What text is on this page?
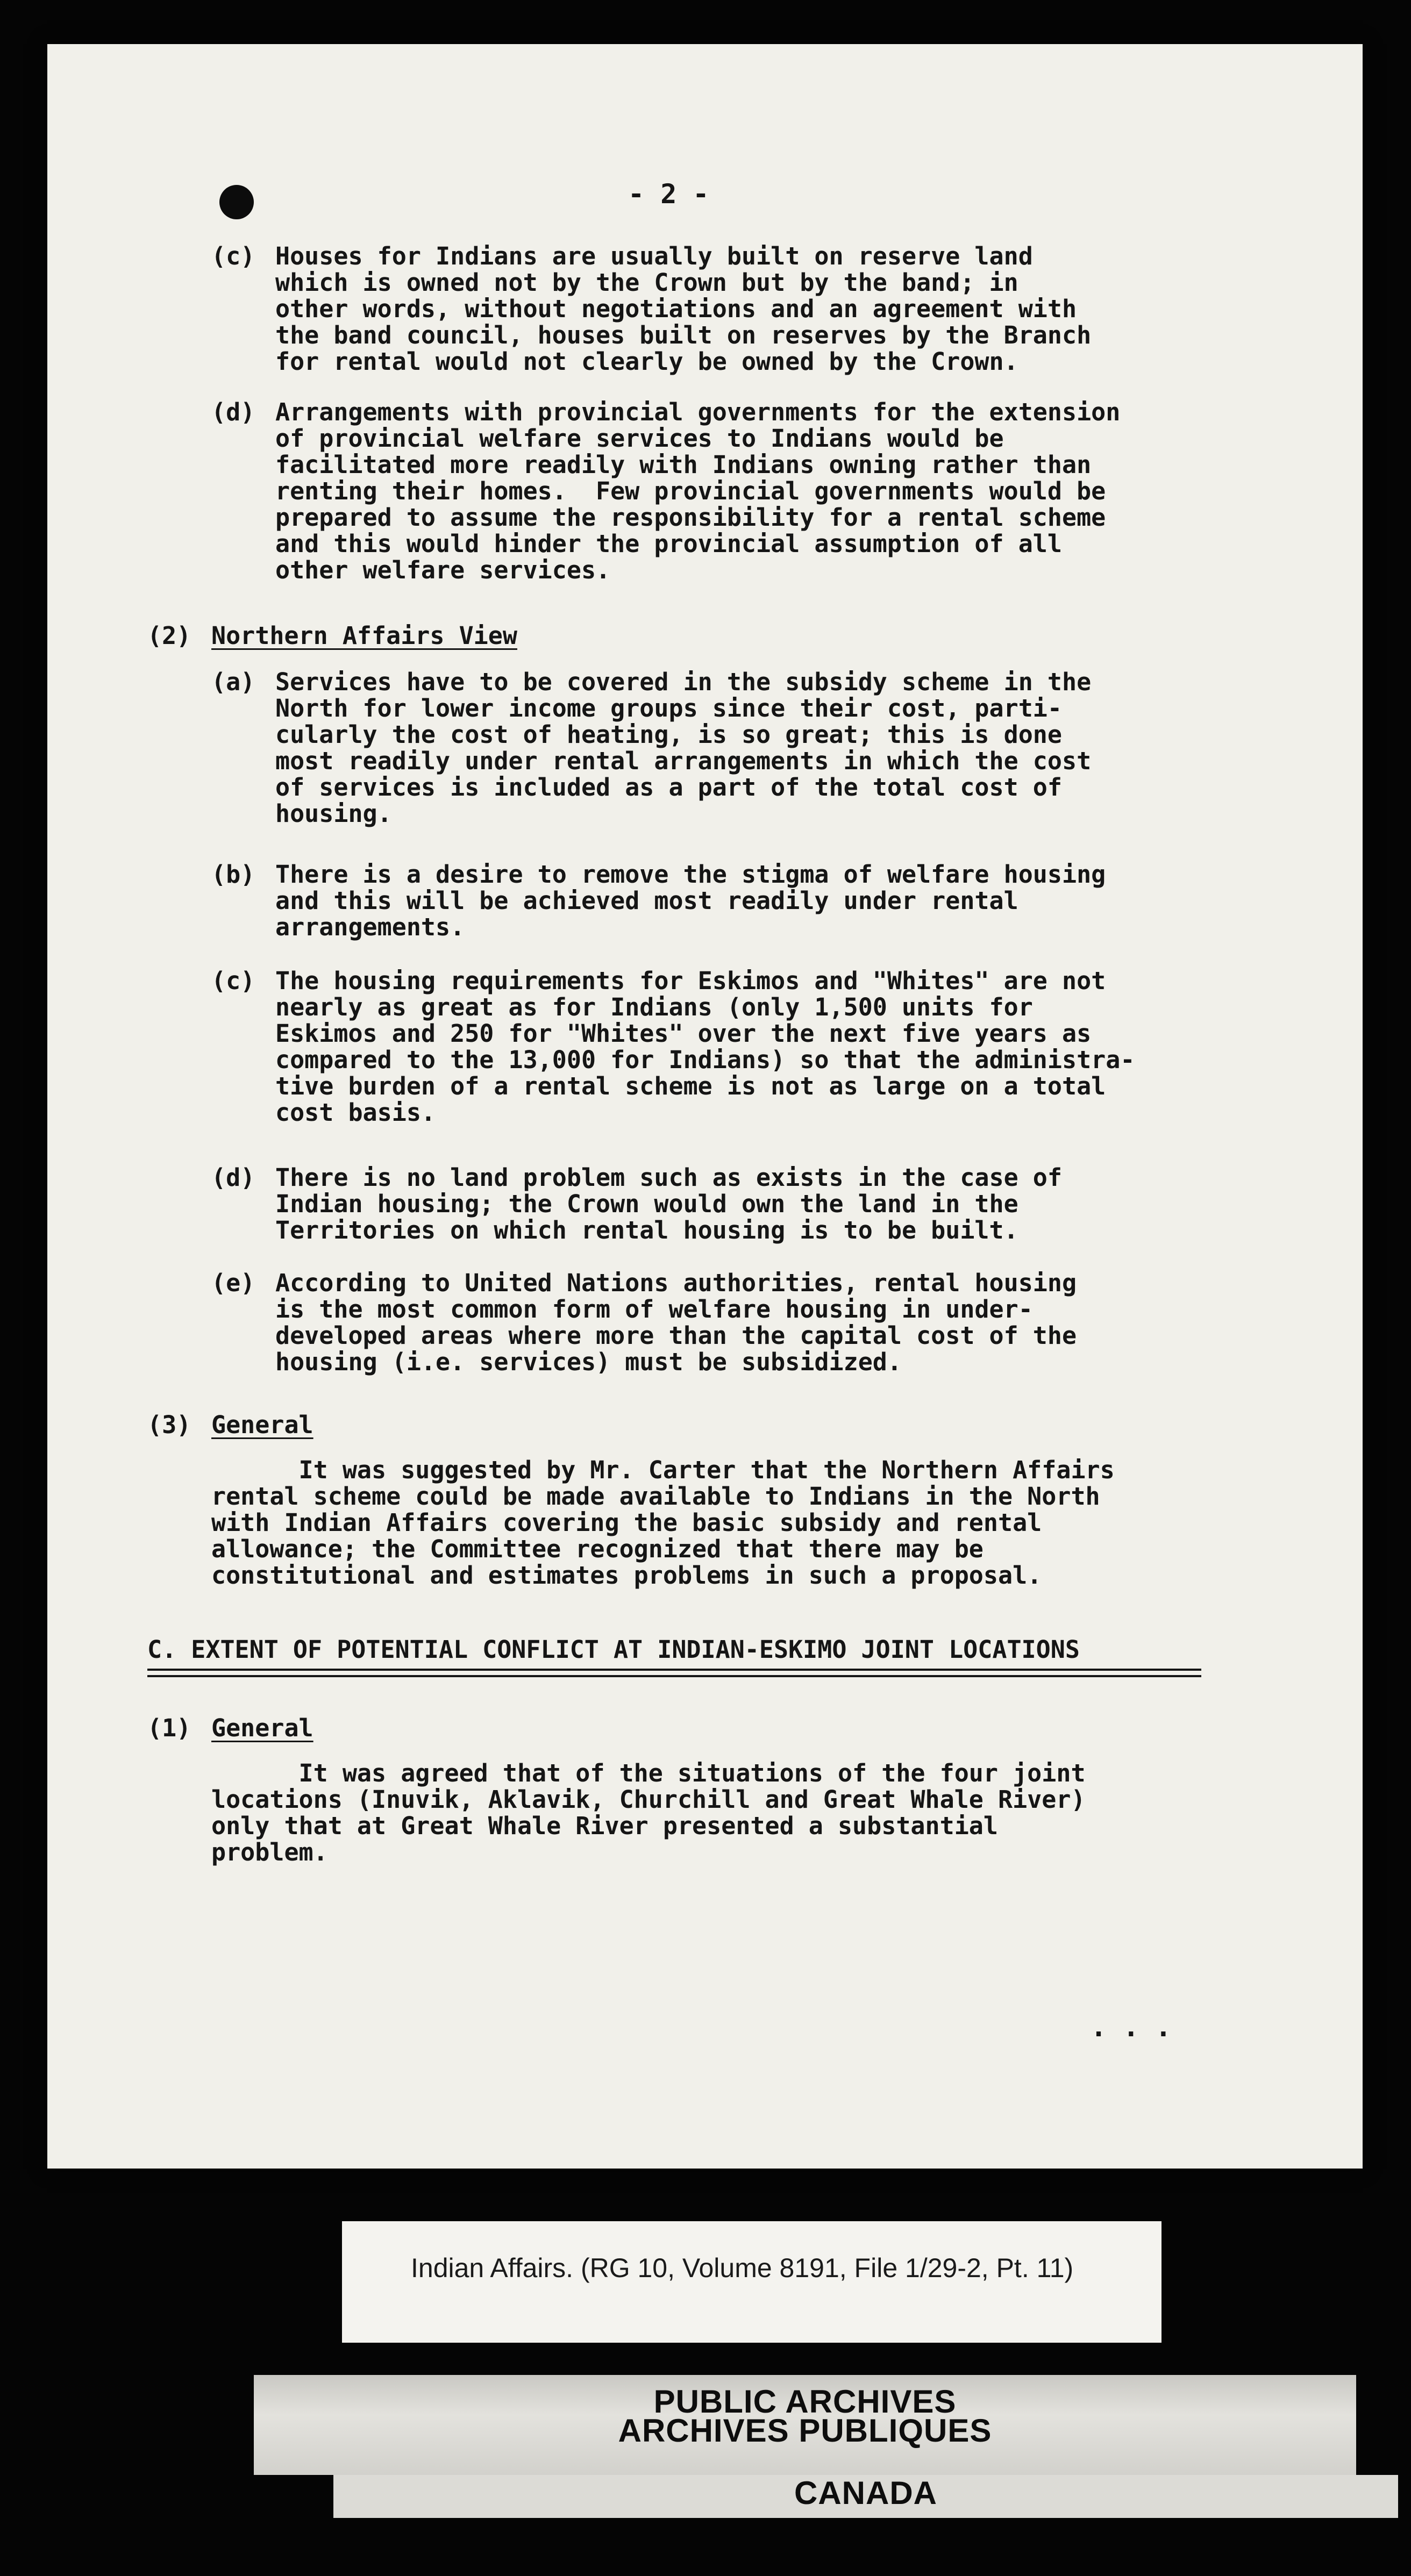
- 2 -
(c) Houses for Indians are usually built on reserve land
which is owned not by the Crown but by the band; in
other words, without negotiations and an agreement with
the band council, houses built on reserves by the Branch
for rental would not clearly be owned by the Crown.
(d) Arrangements with provincial governments for the extension
of provincial welfare services to Indians would be
facilitated more readily with Indians owning rather than
renting their homes.  Few provincial governments would be
prepared to assume the responsibility for a rental scheme
and this would hinder the provincial assumption of all
other welfare services.
(2) Northern Affairs View
(a) Services have to be covered in the subsidy scheme in the
North for lower income groups since their cost, parti-
cularly the cost of heating, is so great; this is done
most readily under rental arrangements in which the cost
of services is included as a part of the total cost of
housing.
(b) There is a desire to remove the stigma of welfare housing
and this will be achieved most readily under rental
arrangements.
(c) The housing requirements for Eskimos and "Whites" are not
nearly as great as for Indians (only 1,500 units for
Eskimos and 250 for "Whites" over the next five years as
compared to the 13,000 for Indians) so that the administra-
tive burden of a rental scheme is not as large on a total
cost basis.
(d) There is no land problem such as exists in the case of
Indian housing; the Crown would own the land in the
Territories on which rental housing is to be built.
(e) According to United Nations authorities, rental housing
is the most common form of welfare housing in under-
developed areas where more than the capital cost of the
housing (i.e. services) must be subsidized.
(3) General
It was suggested by Mr. Carter that the Northern Affairs
rental scheme could be made available to Indians in the North
with Indian Affairs covering the basic subsidy and rental
allowance; the Committee recognized that there may be
constitutional and estimates problems in such a proposal.
C. EXTENT OF POTENTIAL CONFLICT AT INDIAN-ESKIMO JOINT LOCATIONS
(1) General
It was agreed that of the situations of the four joint
locations (Inuvik, Aklavik, Churchill and Great Whale River)
only that at Great Whale River presented a substantial
problem.
. . .
Indian Affairs. (RG 10, Volume 8191, File 1/29-2, Pt. 11)
PUBLIC ARCHIVES
ARCHIVES PUBLIQUES
CANADA
